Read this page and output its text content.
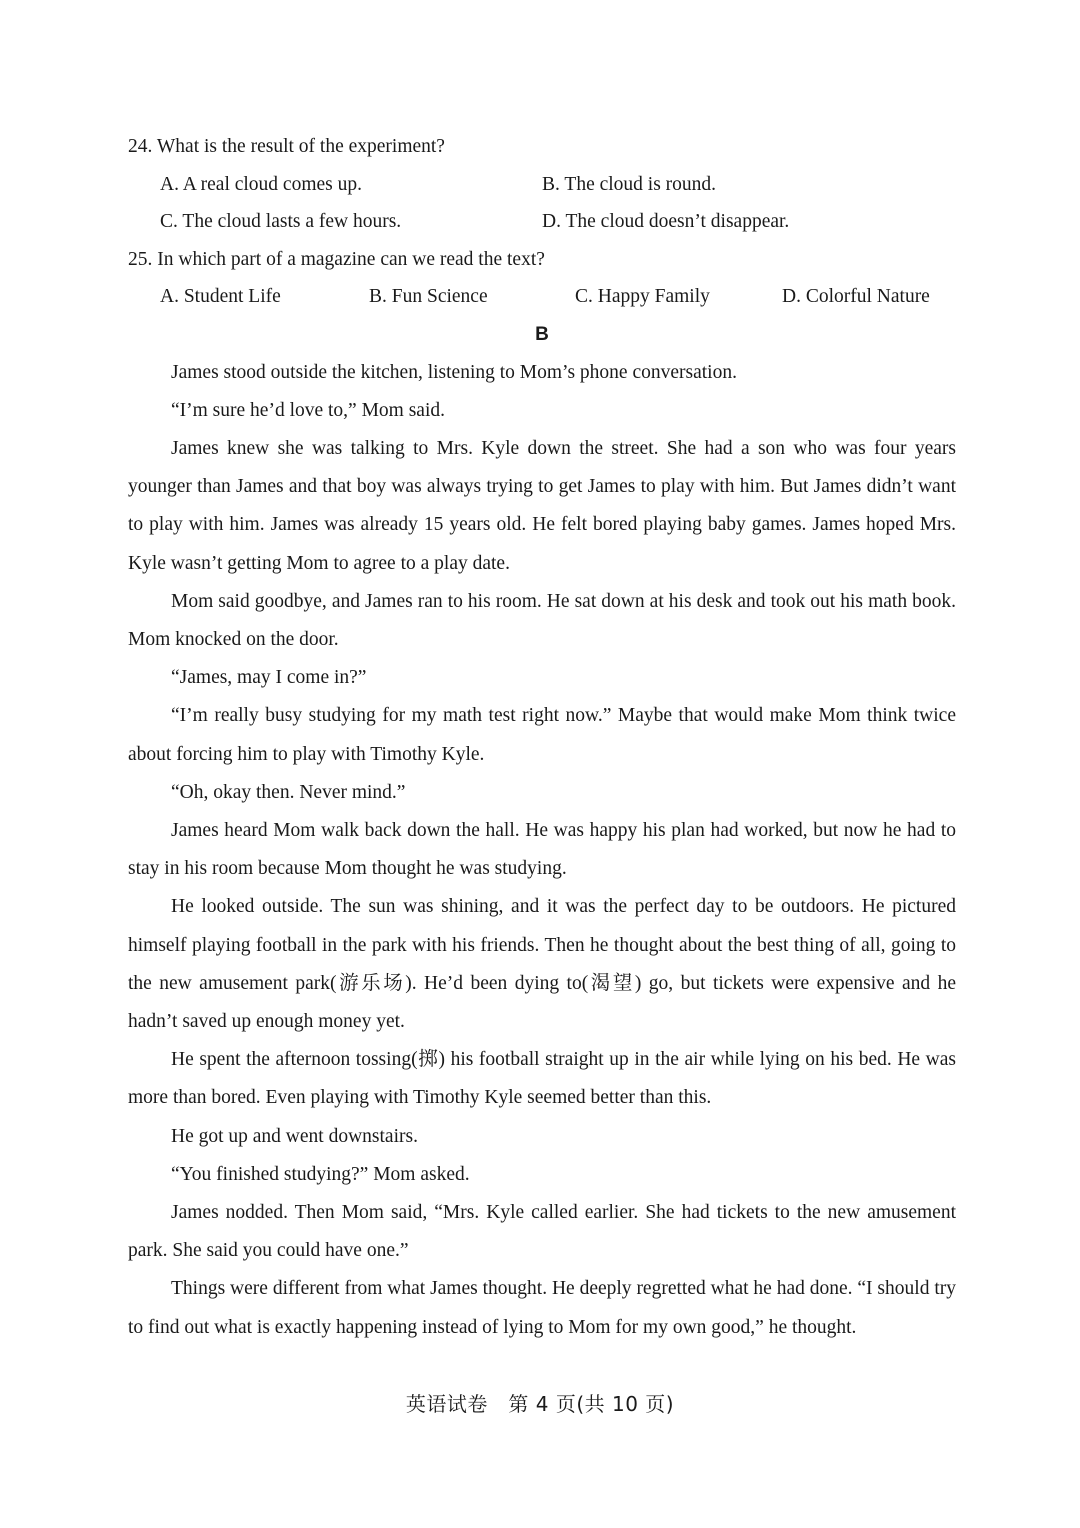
24. What is the result of the experiment?
A. A real cloud comes up.	B. The cloud is round.
C. The cloud lasts a few hours.	D. The cloud doesn’t disappear.
25. In which part of a magazine can we read the text?
A. Student Life	B. Fun Science	C. Happy Family	D. Colorful Nature
B

James stood outside the kitchen, listening to Mom’s phone conversation.

“I’m sure he’d love to,” Mom said.

James knew she was talking to Mrs. Kyle down the street. She had a son who was four years younger than James and that boy was always trying to get James to play with him. But James didn’t want to play with him. James was already 15 years old. He felt bored playing baby games. James hoped Mrs. Kyle wasn’t getting Mom to agree to a play date.

Mom said goodbye, and James ran to his room. He sat down at his desk and took out his math book. Mom knocked on the door.

“James, may I come in?”

“I’m really busy studying for my math test right now.” Maybe that would make Mom think twice about forcing him to play with Timothy Kyle.

“Oh, okay then. Never mind.”

James heard Mom walk back down the hall. He was happy his plan had worked, but now he had to stay in his room because Mom thought he was studying.

He looked outside. The sun was shining, and it was the perfect day to be outdoors. He pictured himself playing football in the park with his friends. Then he thought about the best thing of all, going to the new amusement park(游乐场). He’d been dying to(渴望) go, but tickets were expensive and he hadn’t saved up enough money yet.

He spent the afternoon tossing(掷) his football straight up in the air while lying on his bed. He was more than bored. Even playing with Timothy Kyle seemed better than this.

He got up and went downstairs.

“You finished studying?” Mom asked.

James nodded. Then Mom said, “Mrs. Kyle called earlier. She had tickets to the new amusement park. She said you could have one.”

Things were different from what James thought. He deeply regretted what he had done. “I should try to find out what is exactly happening instead of lying to Mom for my own good,” he thought.

英语试卷　第 4 页(共 10 页)
